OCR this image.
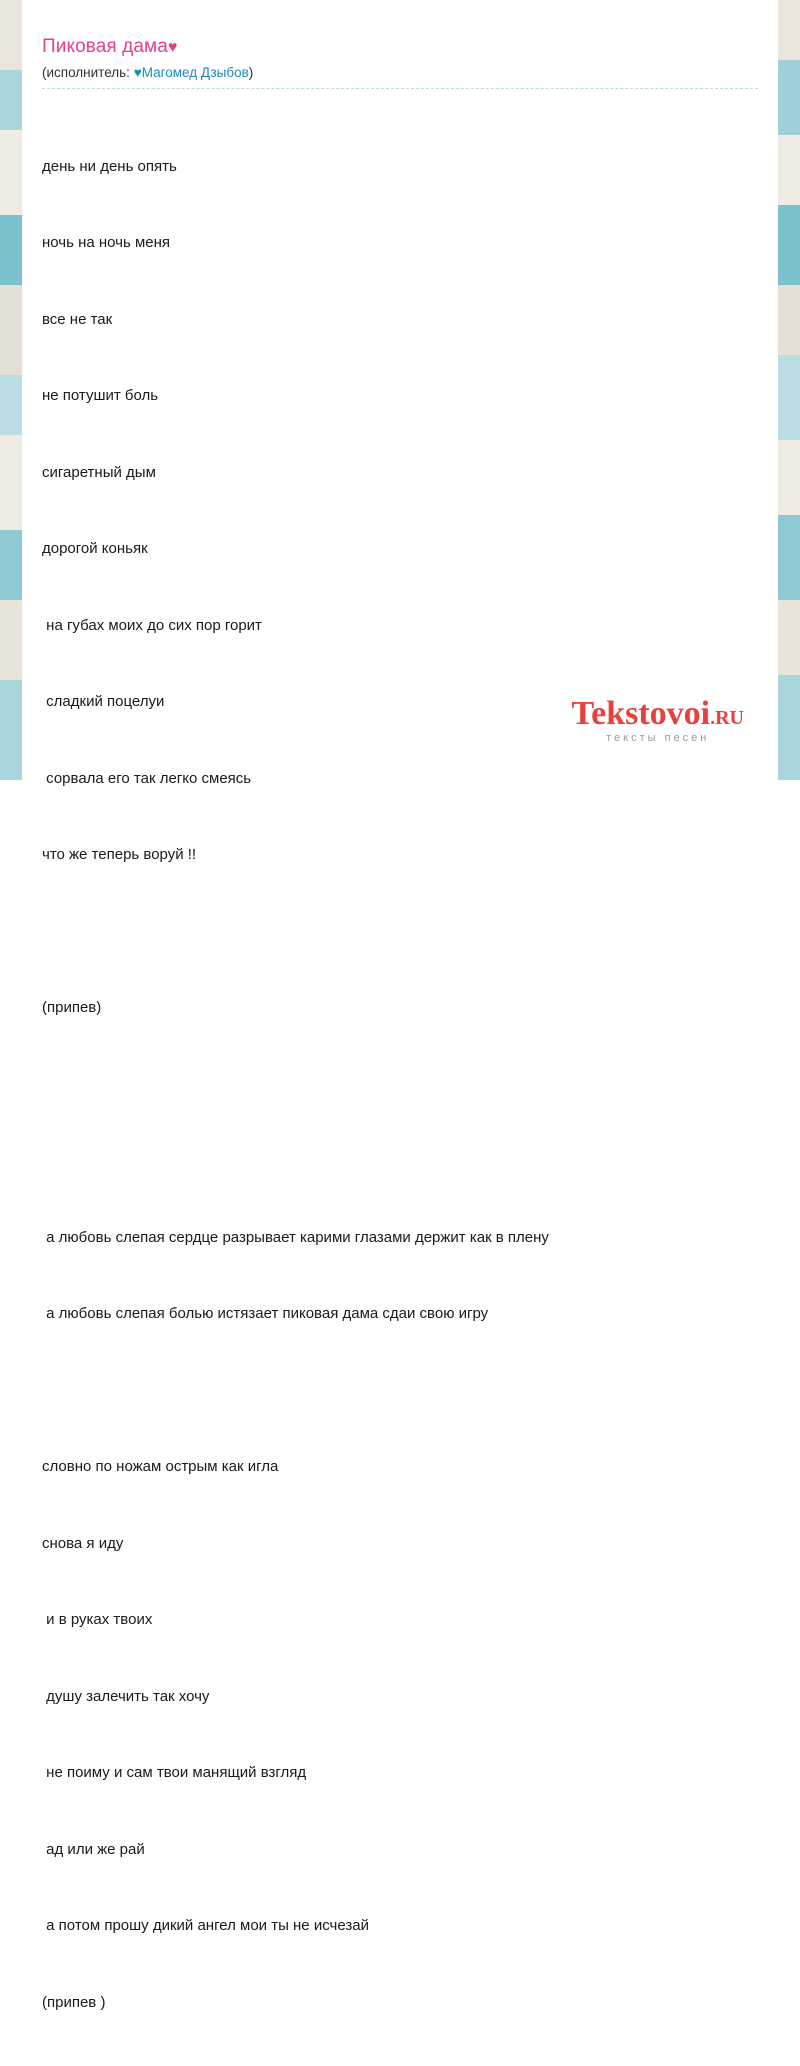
Пиковая дама♥
(исполнитель: ♥Магомед Дзыбов)

день ни день опять

ночь на ночь меня

все не так

не потушит боль

сигаретный дым

дорогой коньяк

на губах моих до сих пор горит

сладкий поцелуи

сорвала его так легко смеясь

что же теперь воруй !!

(припев)

а любовь слепая сердце разрывает карими глазами держит как в плену

а любовь слепая болью истязает пиковая дама сдаи свою игру

словно по ножам острым как игла

снова я иду

и в руках твоих

душу залечить так хочу

не поиму и сам твои манящий взгляд

ад или же рай

а потом прошу дикий ангел мои ты не исчезай

(припев )

Tekstovoi.RU
тексты песен
